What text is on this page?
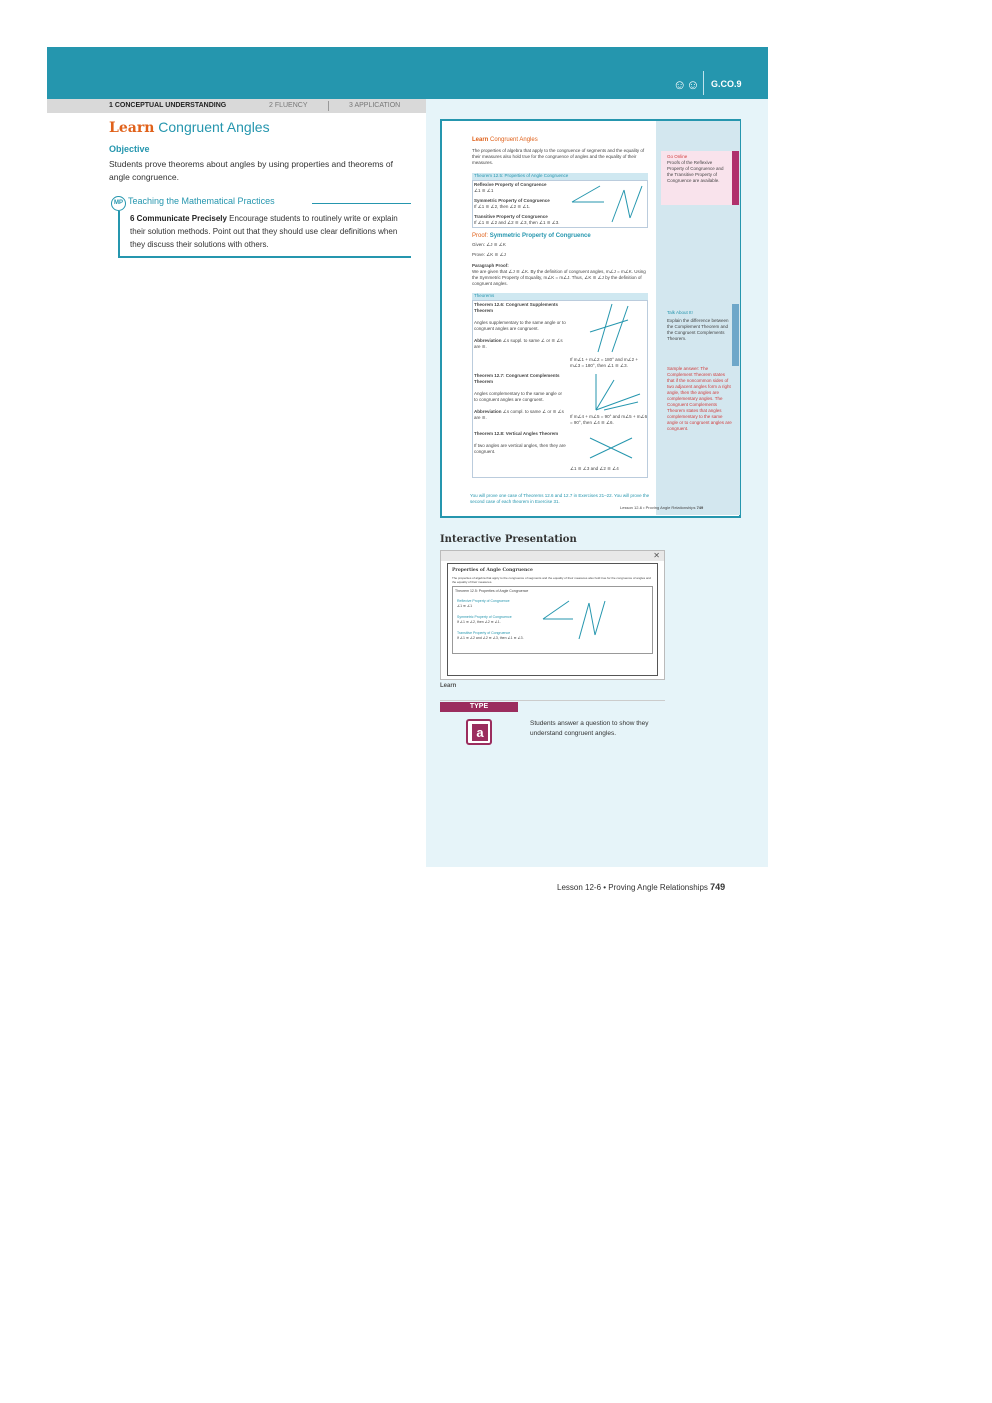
☺☺ G.CO.9
1 CONCEPTUAL UNDERSTANDING	2 FLUENCY	3 APPLICATION
Learn Congruent Angles
Objective
Students prove theorems about angles by using properties and theorems of angle congruence.
MP Teaching the Mathematical Practices
6 Communicate Precisely Encourage students to routinely write or explain their solution methods. Point out that they should use clear definitions when they discuss their solutions with others.
Learn Congruent Angles
The properties of algebra that apply to the congruence of segments and the equality of their measures also hold true for the congruence of angles and the equality of their measures.
Theorem 12.5: Properties of Angle Congruence
Reflexive Property of Congruence
∠1 ≅ ∠1
Symmetric Property of Congruence
If ∠1 ≅ ∠2, then ∠2 ≅ ∠1.
Transitive Property of Congruence
If ∠1 ≅ ∠2 and ∠2 ≅ ∠3, then ∠1 ≅ ∠3.
Proof: Symmetric Property of Congruence
Given: ∠J ≅ ∠K
Prove: ∠K ≅ ∠J
Paragraph Proof:
We are given that ∠J ≅ ∠K. By the definition of congruent angles, m∠J = m∠K. Using the Symmetric Property of Equality, m∠K = m∠J. Thus, ∠K ≅ ∠J by the definition of congruent angles.
Theorems
Theorem 12.6: Congruent Supplements Theorem

Angles supplementary to the same angle or to congruent angles are congruent.

Abbreviation ∠s suppl. to same ∠ or ≅ ∠s are ≅.
If m∠1 + m∠2 = 180° and m∠2 + m∠3 = 180°, then ∠1 ≅ ∠3.
Theorem 12.7: Congruent Complements Theorem

Angles complementary to the same angle or to congruent angles are congruent.

Abbreviation ∠s compl. to same ∠ or ≅ ∠s are ≅.	If m∠4 + m∠5 = 90° and m∠5 + m∠6 = 90°, then ∠4 ≅ ∠6.
Theorem 12.8: Vertical Angles Theorem

If two angles are vertical angles, then they are congruent.
∠1 ≅ ∠3 and ∠2 ≅ ∠4
You will prove one case of Theorems 12.6 and 12.7 in Exercises 21–22. You will prove the second case of each theorem in Exercise 31.
Lesson 12-6 • Proving Angle Relationships 749
Go Online
Proofs of the Reflexive Property of Congruence and the Transitive Property of Congruence are available.
Talk About It!
Explain the difference between the Complement Theorem and the Congruent Complements Theorem.
Sample answer: The Complement Theorem states that if the noncommon sides of two adjacent angles form a right angle, then the angles are complementary angles. The Congruent Complements Theorem states that angles complementary to the same angle or to congruent angles are congruent.
Interactive Presentation
✕
Properties of Angle Congruence
The properties of algebra that apply to the congruence of segments and the equality of their measures also hold true for the congruence of angles and the equality of their measures.
Theorem 12.5: Properties of Angle Congruence
Reflexive Property of Congruence
∠1 ≅ ∠1
Symmetric Property of Congruence
If ∠1 ≅ ∠2, then ∠2 ≅ ∠1.
Transitive Property of Congruence
If ∠1 ≅ ∠2 and ∠2 ≅ ∠3, then ∠1 ≅ ∠3.
Learn
TYPE
a
Students answer a question to show they understand congruent angles.
Lesson 12-6 • Proving Angle Relationships 749
